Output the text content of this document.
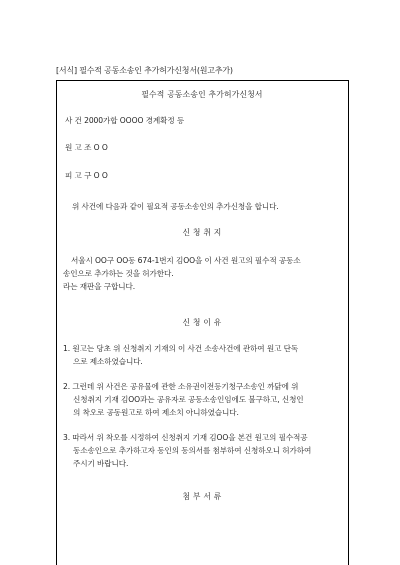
[서식] 필수적 공동소송인 추가허가신청서(원고추가)
필수적 공동소송인 추가허가신청서
사 건 2000가합 OOOO 경계확정 등
원 고 조 O O
피 고 구 O O
위 사건에 다음과 같이 필요적 공동소송인의 추가신청을 합니다.
신 청 취 지
서울시 OO구 OO동 674-1번지 김OO을 이 사건 원고의 필수적 공동소
송인으로 추가하는 것을 허가한다.
라는 재판을 구합니다.
신 청 이 유
1. 원고는 당초 위 신청취지 기재의 이 사건 소송사건에 관하여 원고 단독
으로 제소하였습니다.
2. 그런데 위 사건은 공유물에 관한 소유권이전등기청구소송인 까닭에 위
신청취지 기재 김OO과는 공유자로 공동소송인임에도 불구하고, 신청인
의 착오로 공동원고로 하여 제소치 아니하였습니다.
3. 따라서 위 착오를 시정하여 신청취지 기재 김OO을 본건 원고의 필수적공
동소송인으로 추가하고자 동인의 동의서를 첨부하여 신청하오니 허가하여
주시기 바랍니다.
첨 부 서 류
